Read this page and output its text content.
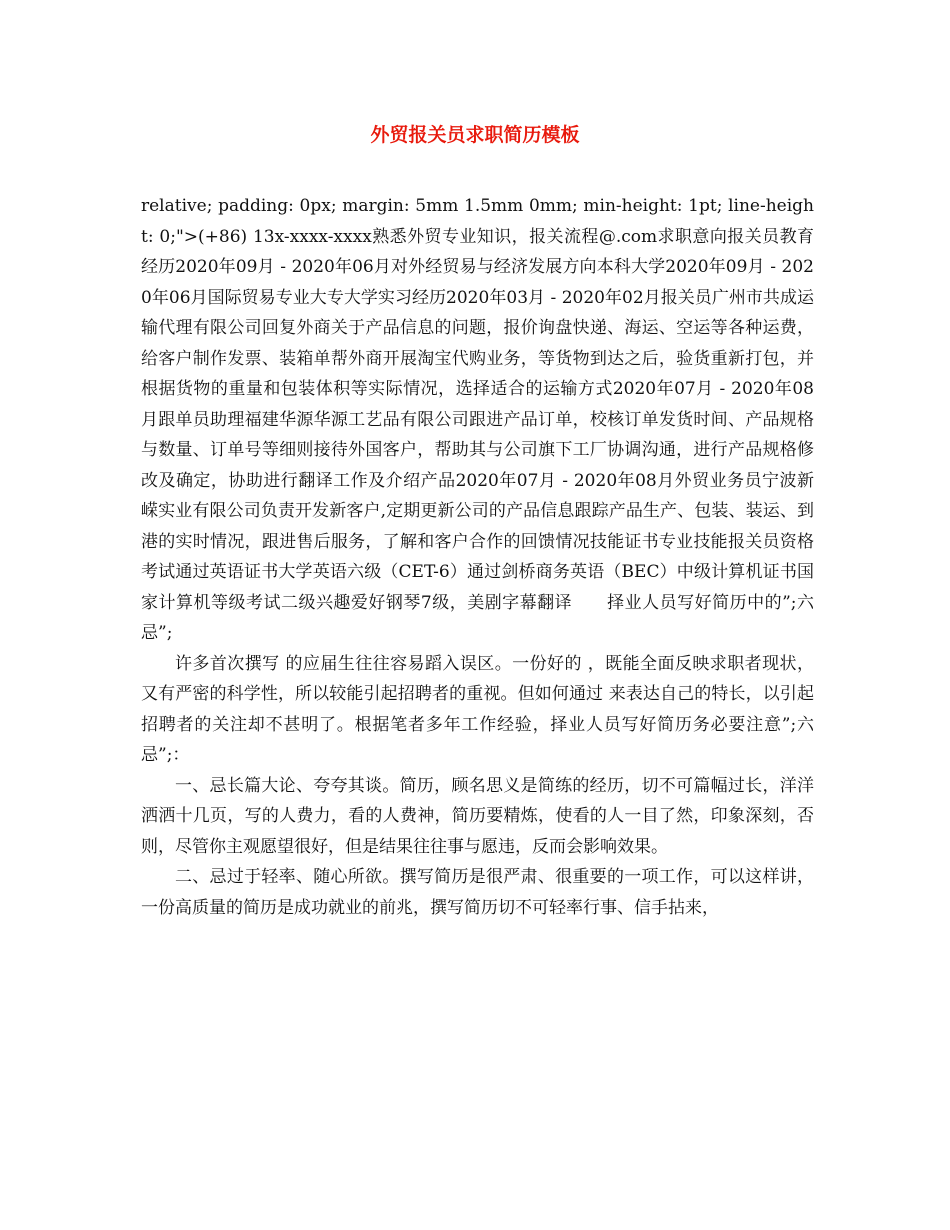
外贸报关员求职简历模板

relative; padding: 0px; margin: 5mm 1.5mm 0mm; min-height: 1pt; line-height: 0;">(+86) 13x-xxxx-xxxx熟悉外贸专业知识，报关流程@.com求职意向报关员教育经历2020年09月 - 2020年06月对外经贸易与经济发展方向本科大学2020年09月 - 2020年06月国际贸易专业大专大学实习经历2020年03月 - 2020年02月报关员广州市共成运输代理有限公司回复外商关于产品信息的问题，报价询盘快递、海运、空运等各种运费，给客户制作发票、装箱单帮外商开展淘宝代购业务，等货物到达之后，验货重新打包，并根据货物的重量和包装体积等实际情况，选择适合的运输方式2020年07月 - 2020年08月跟单员助理福建华源华源工艺品有限公司跟进产品订单，校核订单发货时间、产品规格与数量、订单号等细则接待外国客户，帮助其与公司旗下工厂协调沟通，进行产品规格修改及确定，协助进行翻译工作及介绍产品2020年07月 - 2020年08月外贸业务员宁波新嵘实业有限公司负责开发新客户,定期更新公司的产品信息跟踪产品生产、包装、装运、到港的实时情况，跟进售后服务，了解和客户合作的回馈情况技能证书专业技能报关员资格考试通过英语证书大学英语六级（CET-6）通过剑桥商务英语（BEC）中级计算机证书国家计算机等级考试二级兴趣爱好钢琴7级，美剧字幕翻译　　择业人员写好简历中的”;六忌”;

许多首次撰写 的应届生往往容易蹈入误区。一份好的 ，既能全面反映求职者现状，又有严密的科学性，所以较能引起招聘者的重视。但如何通过 来表达自己的特长，以引起招聘者的关注却不甚明了。根据笔者多年工作经验，择业人员写好简历务必要注意”;六忌”;：

一、忌长篇大论、夸夸其谈。简历，顾名思义是简练的经历，切不可篇幅过长，洋洋洒洒十几页，写的人费力，看的人费神，简历要精炼，使看的人一目了然，印象深刻，否则，尽管你主观愿望很好，但是结果往往事与愿违，反而会影响效果。

二、忌过于轻率、随心所欲。撰写简历是很严肃、很重要的一项工作，可以这样讲，一份高质量的简历是成功就业的前兆，撰写简历切不可轻率行事、信手拈来，
